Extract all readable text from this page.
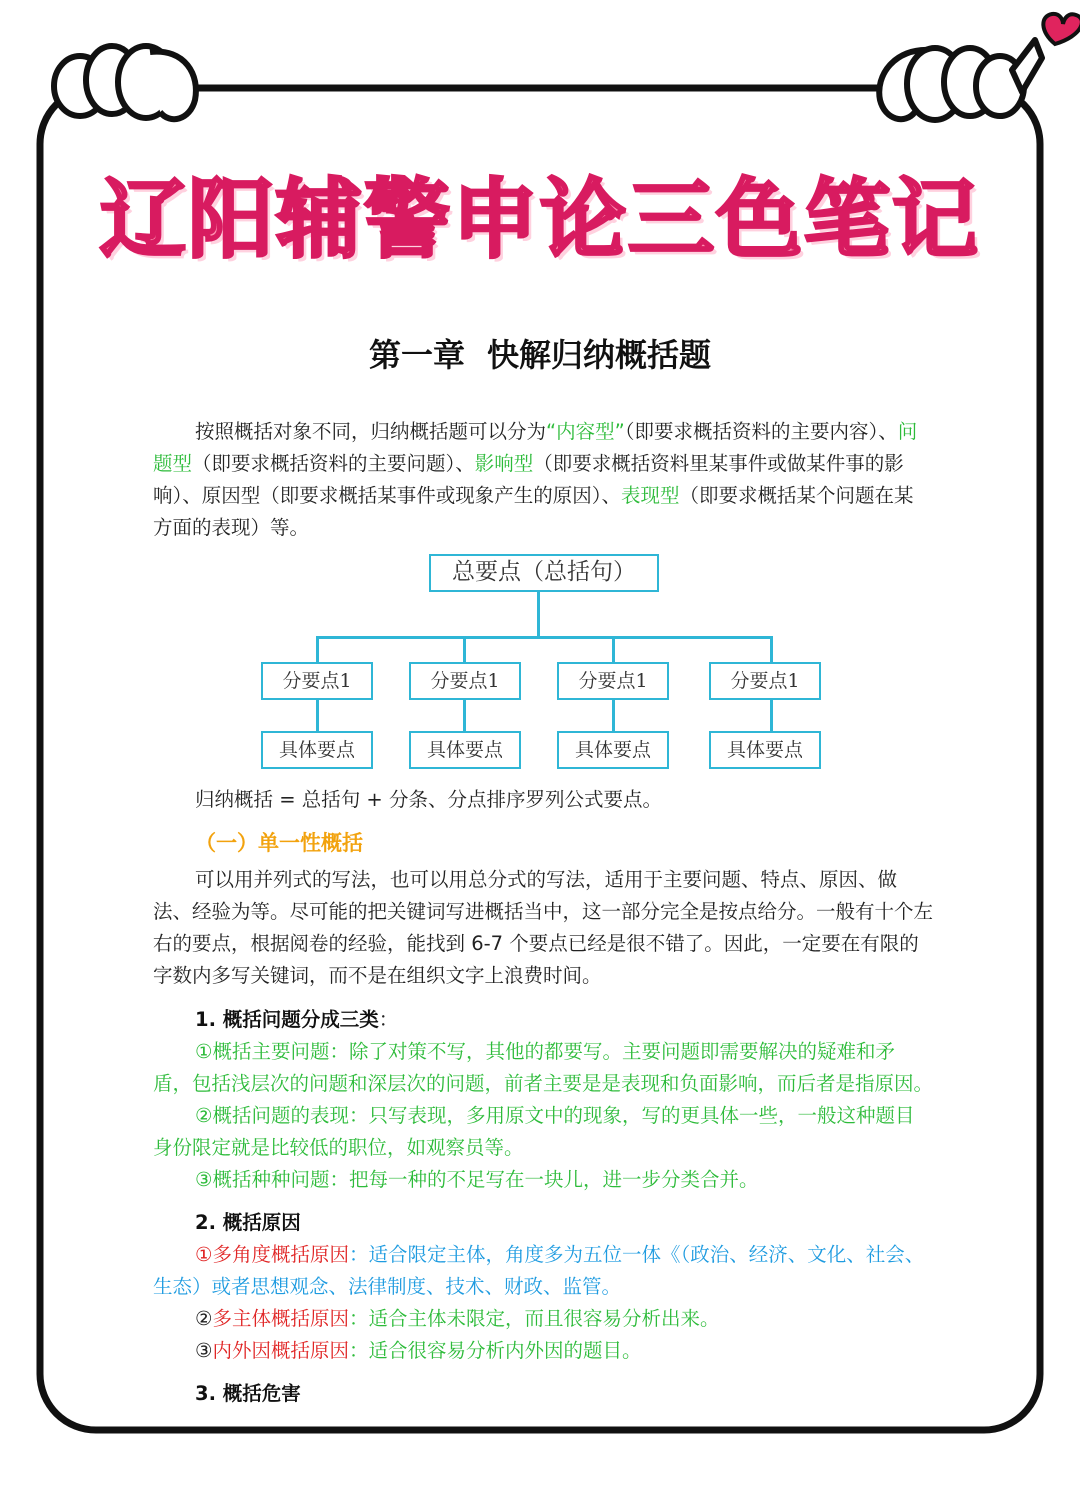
辽阳辅警申论三色笔记
第一章 快解归纳概括题

按照概括对象不同，归纳概括题可以分为“内容型”（即要求概括资料的主要内容）、问题型（即要求概括资料的主要问题）、影响型（即要求概括资料里某事件或做某件事的影响）、原因型（即要求概括某事件或现象产生的原因）、表现型（即要求概括某个问题在某方面的表现）等。

总要点（总括句）
分要点1	分要点1	分要点1	分要点1
具体要点	具体要点	具体要点	具体要点

归纳概括 = 总括句 + 分条、分点排序罗列公式要点。

（一）单一性概括

可以用并列式的写法，也可以用总分式的写法，适用于主要问题、特点、原因、做法、经验为等。尽可能的把关键词写进概括当中，这一部分完全是按点给分。一般有十个左右的要点，根据阅卷的经验，能找到 6-7 个要点已经是很不错了。因此，一定要在有限的字数内多写关键词，而不是在组织文字上浪费时间。

1. 概括问题分成三类：

①概括主要问题：除了对策不写，其他的都要写。主要问题即需要解决的疑难和矛盾，包括浅层次的问题和深层次的问题，前者主要是是表现和负面影响，而后者是指原因。

②概括问题的表现：只写表现，多用原文中的现象，写的更具体一些，一般这种题目身份限定就是比较低的职位，如观察员等。

③概括种种问题：把每一种的不足写在一块儿，进一步分类合并。

2. 概括原因

①多角度概括原因：适合限定主体，角度多为五位一体《（政治、经济、文化、社会、生态）或者思想观念、法律制度、技术、财政、监管。

②多主体概括原因：适合主体未限定，而且很容易分析出来。

③内外因概括原因：适合很容易分析内外因的题目。

3. 概括危害
